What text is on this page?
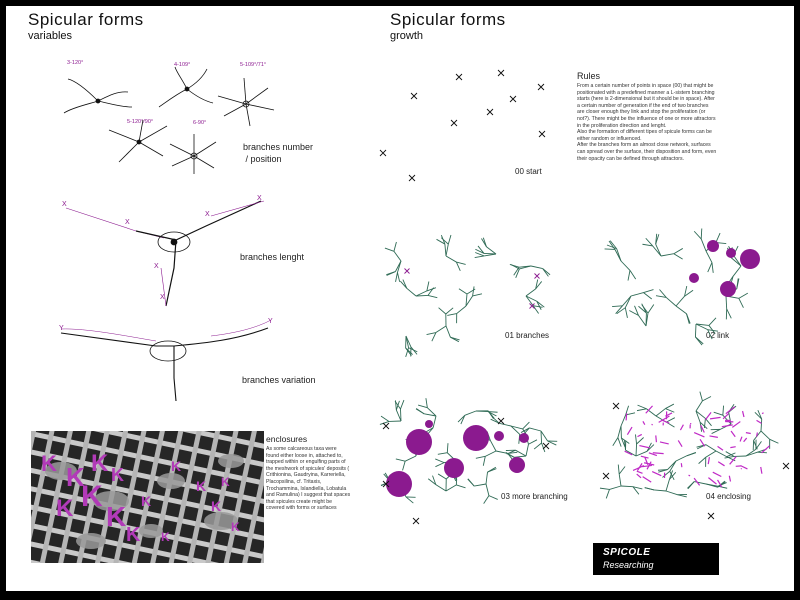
Spicular forms
variables
3-120°	4-109°	5-109°/71°
5-120°/90°	6-90°
branches number
/ position
branches lenght
branches variation
X
X
X
X
X
X
Y
Y
Spicular forms
growth
Rules
From a certain number of points in space (00) that might be positionated with a predefined manner a L-sistem branching starts (here is 2-dimensional but it should be in space). After a certain number of generation if the end of two branches are closer enough they link and stop the proliferation (or not?). There might be the influence of one or more attractors in the proliferation direction and lenght.
Also the formation of different tipes of spicule forms can be either random or influenced.
After the branches form an almost close network, surfaces can spread over the surface, their disposition and form, even their opacity can be defined through attractors.
00 start
01 branches	02 link
03 more branching	04 enclosing
K K K K
K K
K
K
K
K
K
K
K
K
K
enclosures
As some calcareous taxa were found either loose in, attached to, trapped within or engulfing parts of the meshwork of spicules' deposits ( Crithionina, Gaudryina, Karreriella, Placopsilina, cf. Tritaxis, Trochammina, Islandiella, Lobatula and Ramulina) I suggest that spaces that spicules create might be covered with forms or surfaces
SPICOLE
Researching
